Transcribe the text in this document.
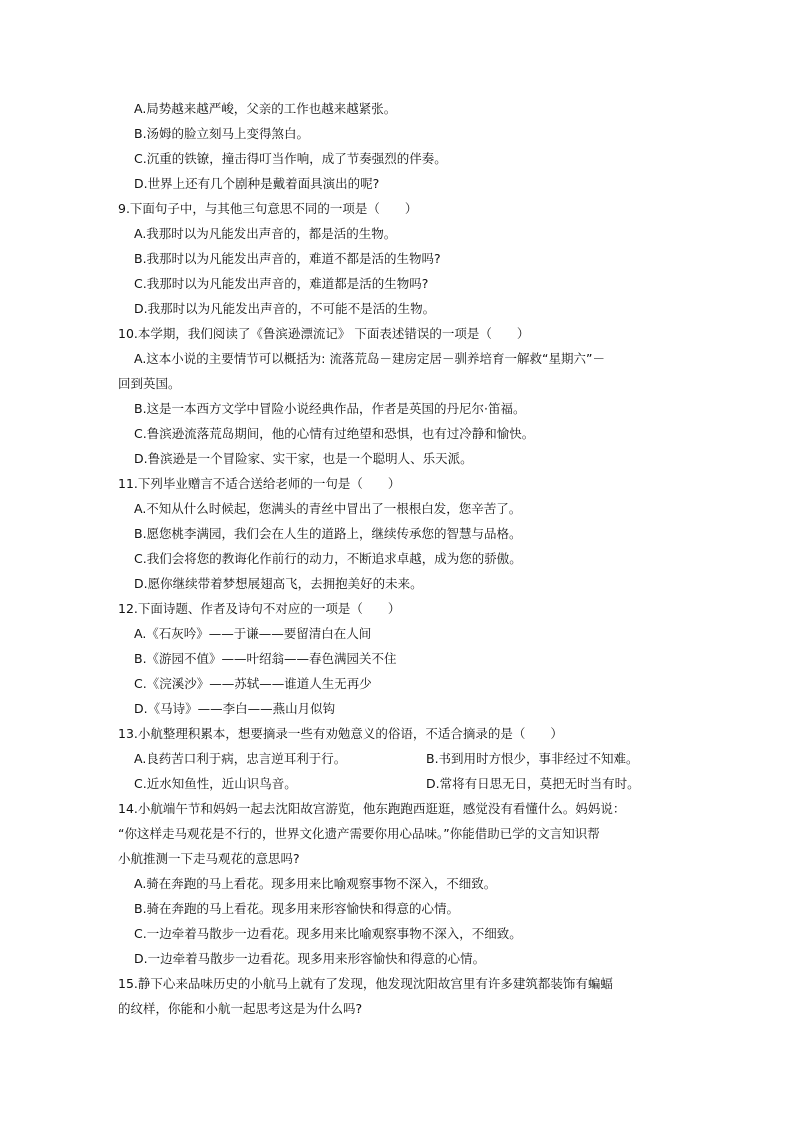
A.局势越来越严峻，父亲的工作也越来越紧张。
B.汤姆的脸立刻马上变得煞白。
C.沉重的铁镣，撞击得叮当作响，成了节奏强烈的伴奏。
D.世界上还有几个剧种是戴着面具演出的呢?
9.下面句子中，与其他三句意思不同的一项是（　　）
A.我那时以为凡能发出声音的，都是活的生物。
B.我那时以为凡能发出声音的，难道不都是活的生物吗?
C.我那时以为凡能发出声音的，难道都是活的生物吗?
D.我那时以为凡能发出声音的，不可能不是活的生物。
10.本学期，我们阅读了《鲁滨逊漂流记》 下面表述错误的一项是（　　）
A.这本小说的主要情节可以概括为: 流落荒岛－建房定居－驯养培育一解救“星期六”－
回到英国。
B.这是一本西方文学中冒险小说经典作品，作者是英国的丹尼尔·笛福。
C.鲁滨逊流落荒岛期间，他的心情有过绝望和恐惧，也有过冷静和愉快。
D.鲁滨逊是一个冒险家、实干家，也是一个聪明人、乐天派。
11.下列毕业赠言不适合送给老师的一句是（　　）
A.不知从什么时候起，您满头的青丝中冒出了一根根白发，您辛苦了。
B.愿您桃李满园，我们会在人生的道路上，继续传承您的智慧与品格。
C.我们会将您的教诲化作前行的动力，不断追求卓越，成为您的骄傲。
D.愿你继续带着梦想展翅高飞，去拥抱美好的未来。
12.下面诗题、作者及诗句不对应的一项是（　　）
A.《石灰吟》——于谦——要留清白在人间
B.《游园不值》——叶绍翁——春色满园关不住
C.《浣溪沙》——苏轼——谁道人生无再少
D.《马诗》——李白——燕山月似钩
13.小航整理积累本，想要摘录一些有劝勉意义的俗语，不适合摘录的是（　　）
A.良药苦口利于病，忠言逆耳利于行。	B.书到用时方恨少，事非经过不知难。
C.近水知鱼性，近山识鸟音。	D.常将有日思无日，莫把无时当有时。
14.小航端午节和妈妈一起去沈阳故宫游览，他东跑跑西逛逛，感觉没有看懂什么。妈妈说：
“你这样走马观花是不行的，世界文化遗产需要你用心品味。”你能借助已学的文言知识帮
小航推测一下走马观花的意思吗?
A.骑在奔跑的马上看花。现多用来比喻观察事物不深入，不细致。
B.骑在奔跑的马上看花。现多用来形容愉快和得意的心情。
C.一边牵着马散步一边看花。现多用来比喻观察事物不深入，不细致。
D.一边牵着马散步一边看花。现多用来形容愉快和得意的心情。
15.静下心来品味历史的小航马上就有了发现，他发现沈阳故宫里有许多建筑都装饰有蝙蝠
的纹样，你能和小航一起思考这是为什么吗?
